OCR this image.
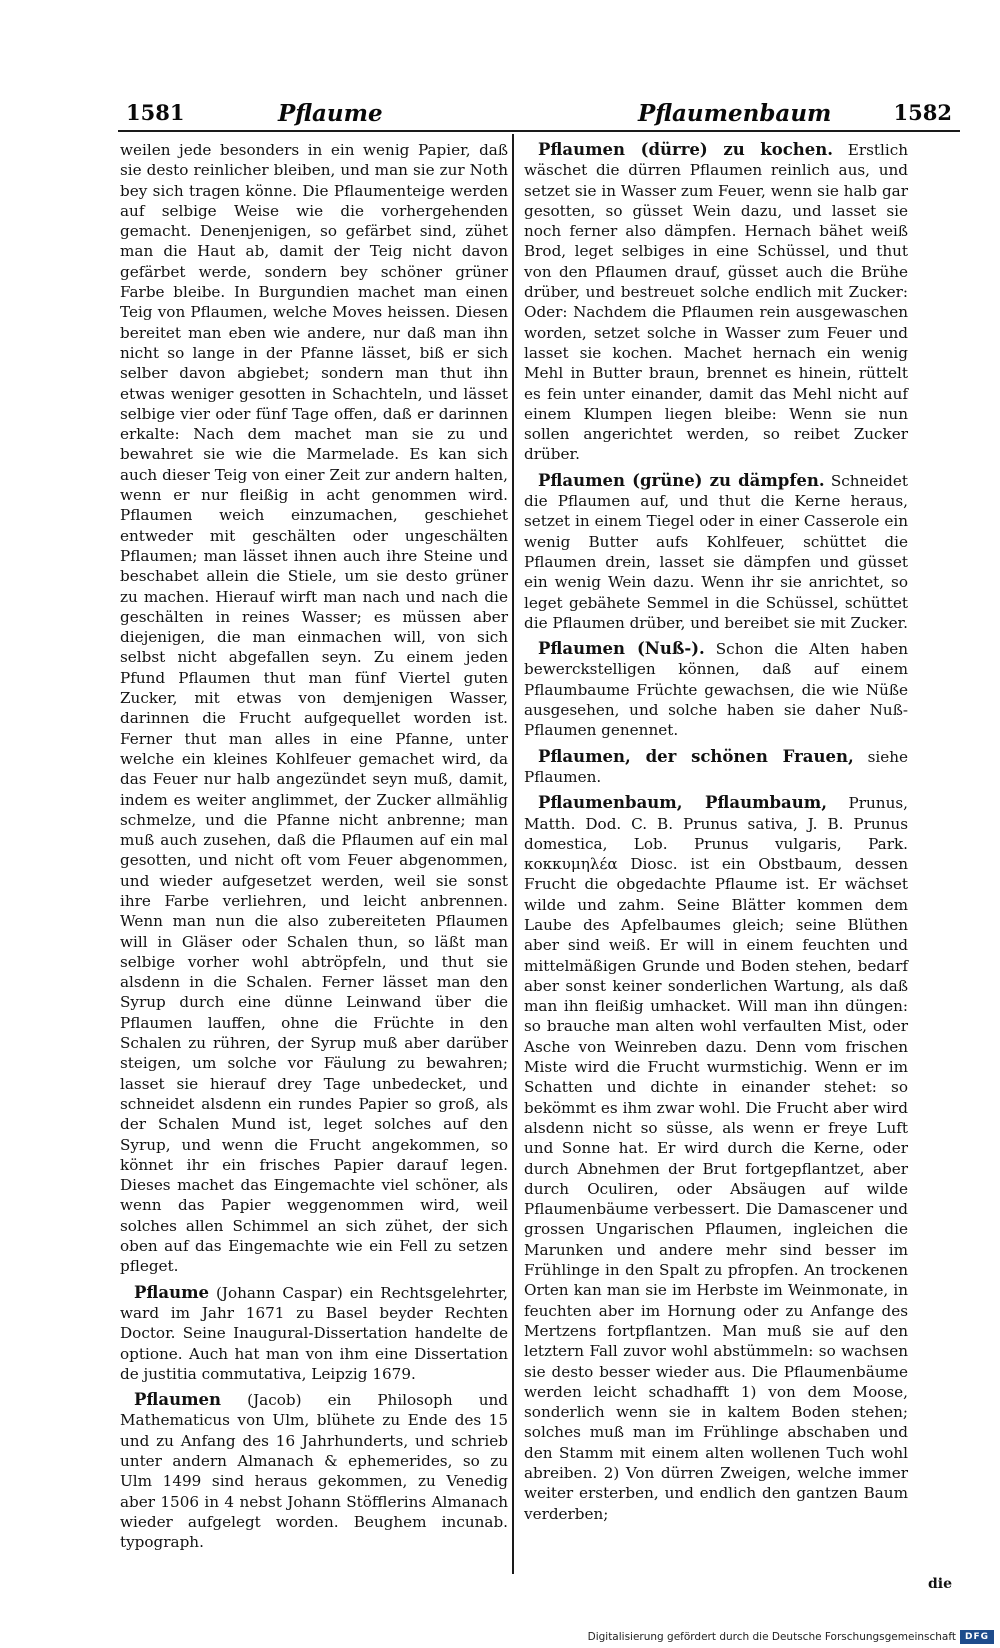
1581	Pflaume	Pflaumenbaum	1582

weilen jede besonders in ein wenig Papier, daß sie desto reinlicher bleiben, und man sie zur Noth bey sich tragen könne. Die Pflaumenteige werden auf selbige Weise wie die vorhergehenden gemacht. Denenjenigen, so gefärbet sind, zühet man die Haut ab, damit der Teig nicht davon gefärbet werde, sondern bey schöner grüner Farbe bleibe. In Burgundien machet man einen Teig von Pflaumen, welche Moves heissen. Diesen bereitet man eben wie andere, nur daß man ihn nicht so lange in der Pfanne lässet, biß er sich selber davon abgiebet; sondern man thut ihn etwas weniger gesotten in Schachteln, und lässet selbige vier oder fünf Tage offen, daß er darinnen erkalte: Nach dem machet man sie zu und bewahret sie wie die Marmelade. Es kan sich auch dieser Teig von einer Zeit zur andern halten, wenn er nur fleißig in acht genommen wird. Pflaumen weich einzumachen, geschiehet entweder mit geschälten oder ungeschälten Pflaumen; man lässet ihnen auch ihre Steine und beschabet allein die Stiele, um sie desto grüner zu machen. Hierauf wirft man nach und nach die geschälten in reines Wasser; es müssen aber diejenigen, die man einmachen will, von sich selbst nicht abgefallen seyn. Zu einem jeden Pfund Pflaumen thut man fünf Viertel guten Zucker, mit etwas von demjenigen Wasser, darinnen die Frucht aufgequellet worden ist. Ferner thut man alles in eine Pfanne, unter welche ein kleines Kohlfeuer gemachet wird, da das Feuer nur halb angezündet seyn muß, damit, indem es weiter anglimmet, der Zucker allmählig schmelze, und die Pfanne nicht anbrenne; man muß auch zusehen, daß die Pflaumen auf ein mal gesotten, und nicht oft vom Feuer abgenommen, und wieder aufgesetzet werden, weil sie sonst ihre Farbe verliehren, und leicht anbrennen. Wenn man nun die also zubereiteten Pflaumen will in Gläser oder Schalen thun, so läßt man selbige vorher wohl abtröpfeln, und thut sie alsdenn in die Schalen. Ferner lässet man den Syrup durch eine dünne Leinwand über die Pflaumen lauffen, ohne die Früchte in den Schalen zu rühren, der Syrup muß aber darüber steigen, um solche vor Fäulung zu bewahren; lasset sie hierauf drey Tage unbedecket, und schneidet alsdenn ein rundes Papier so groß, als der Schalen Mund ist, leget solches auf den Syrup, und wenn die Frucht angekommen, so könnet ihr ein frisches Papier darauf legen. Dieses machet das Eingemachte viel schöner, als wenn das Papier weggenommen wird, weil solches allen Schimmel an sich zühet, der sich oben auf das Eingemachte wie ein Fell zu setzen pfleget.

Pflaume (Johann Caspar) ein Rechtsgelehrter, ward im Jahr 1671 zu Basel beyder Rechten Doctor. Seine Inaugural-Dissertation handelte de optione. Auch hat man von ihm eine Dissertation de justitia commutativa, Leipzig 1679.

Pflaumen (Jacob) ein Philosoph und Mathematicus von Ulm, blühete zu Ende des 15 und zu Anfang des 16 Jahrhunderts, und schrieb unter andern Almanach & ephemerides, so zu Ulm 1499 sind heraus gekommen, zu Venedig aber 1506 in 4 nebst Johann Stöfflerins Almanach wieder aufgelegt worden. Beughem incunab. typograph.

Pflaumen (dürre) zu kochen. Erstlich wäschet die dürren Pflaumen reinlich aus, und setzet sie in Wasser zum Feuer, wenn sie halb gar gesotten, so güsset Wein dazu, und lasset sie noch ferner also dämpfen. Hernach bähet weiß Brod, leget selbiges in eine Schüssel, und thut von den Pflaumen drauf, güsset auch die Brühe drüber, und bestreuet solche endlich mit Zucker: Oder: Nachdem die Pflaumen rein ausgewaschen worden, setzet solche in Wasser zum Feuer und lasset sie kochen. Machet hernach ein wenig Mehl in Butter braun, brennet es hinein, rüttelt es fein unter einander, damit das Mehl nicht auf einem Klumpen liegen bleibe: Wenn sie nun sollen angerichtet werden, so reibet Zucker drüber.

Pflaumen (grüne) zu dämpfen. Schneidet die Pflaumen auf, und thut die Kerne heraus, setzet in einem Tiegel oder in einer Casserole ein wenig Butter aufs Kohlfeuer, schüttet die Pflaumen drein, lasset sie dämpfen und güsset ein wenig Wein dazu. Wenn ihr sie anrichtet, so leget gebähete Semmel in die Schüssel, schüttet die Pflaumen drüber, und bereibet sie mit Zucker.

Pflaumen (Nuß-). Schon die Alten haben bewerckstelligen können, daß auf einem Pflaumbaume Früchte gewachsen, die wie Nüße ausgesehen, und solche haben sie daher Nuß-Pflaumen genennet.

Pflaumen, der schönen Frauen, siehe Pflaumen.

Pflaumenbaum, Pflaumbaum, Prunus, Matth. Dod. C. B. Prunus sativa, J. B. Prunus domestica, Lob. Prunus vulgaris, Park. κοκκυμηλέα Diosc. ist ein Obstbaum, dessen Frucht die obgedachte Pflaume ist. Er wächset wilde und zahm. Seine Blätter kommen dem Laube des Apfelbaumes gleich; seine Blüthen aber sind weiß. Er will in einem feuchten und mittelmäßigen Grunde und Boden stehen, bedarf aber sonst keiner sonderlichen Wartung, als daß man ihn fleißig umhacket. Will man ihn düngen: so brauche man alten wohl verfaulten Mist, oder Asche von Weinreben dazu. Denn vom frischen Miste wird die Frucht wurmstichig. Wenn er im Schatten und dichte in einander stehet: so bekömmt es ihm zwar wohl. Die Frucht aber wird alsdenn nicht so süsse, als wenn er freye Luft und Sonne hat. Er wird durch die Kerne, oder durch Abnehmen der Brut fortgepflantzet, aber durch Oculiren, oder Absäugen auf wilde Pflaumenbäume verbessert. Die Damascener und grossen Ungarischen Pflaumen, ingleichen die Marunken und andere mehr sind besser im Frühlinge in den Spalt zu pfropfen. An trockenen Orten kan man sie im Herbste im Weinmonate, in feuchten aber im Hornung oder zu Anfange des Mertzens fortpflantzen. Man muß sie auf den letztern Fall zuvor wohl abstümmeln: so wachsen sie desto besser wieder aus. Die Pflaumenbäume werden leicht schadhafft 1) von dem Moose, sonderlich wenn sie in kaltem Boden stehen; solches muß man im Frühlinge abschaben und den Stamm mit einem alten wollenen Tuch wohl abreiben. 2) Von dürren Zweigen, welche immer weiter ersterben, und endlich den gantzen Baum verderben;

die
Digitalisierung gefördert durch die Deutsche Forschungsgemeinschaft DFG
